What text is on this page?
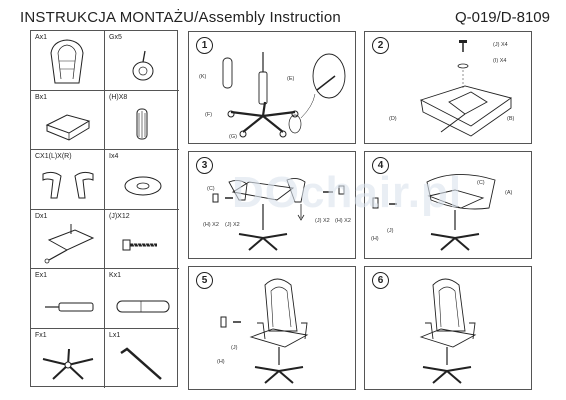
INSTRUKCJA MONTAŻU/Assembly Instruction	Q-019/D-8109
Ax1	Gx5
Bx1	(H)X8
CX1(L)X(R)	Ix4
Dx1	(J)X12
Ex1	Kx1
Fx1	Lx1
1
(K)	(E)
(F)
(G)
2	(J) X4
(I) X4
(D)	(B)
3
(C)
(H) X2 (J) X2
(J) X2 (H) X2
4
(C)
(A)
(H)
(J)
5
(J)
(H)
6
DOchair.pl
